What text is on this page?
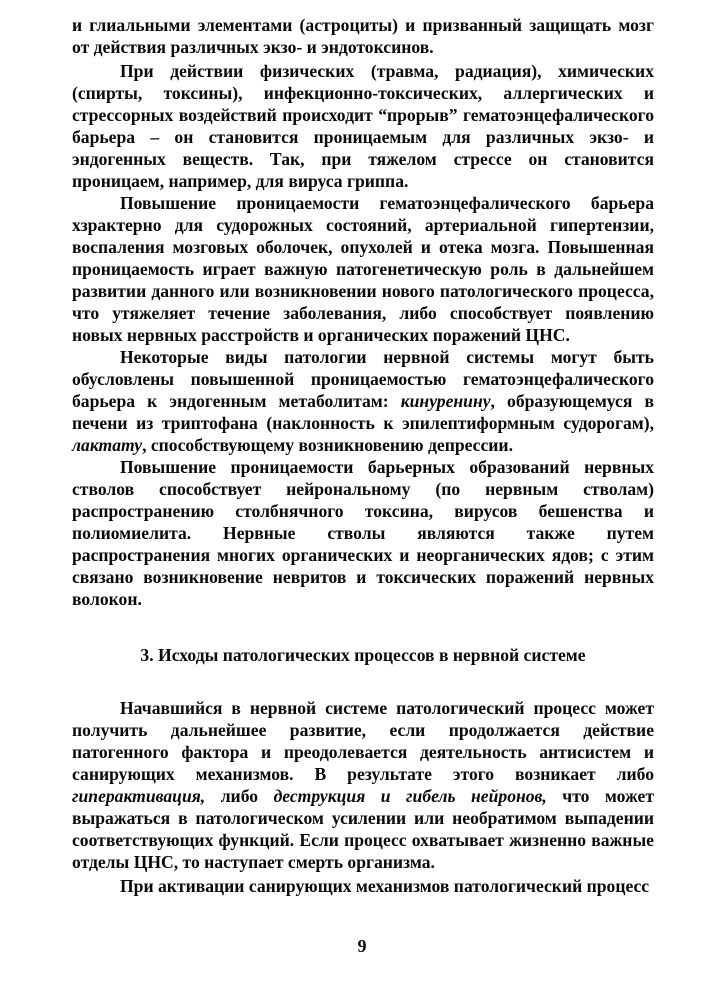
и глиальными элементами (астроциты) и призванный защищать мозг от действия различных экзо- и эндотоксинов.

При действии физических (травма, радиация), химических (спирты, токсины), инфекционно-токсических, аллергических и стрессорных воздействий происходит “прорыв” гематоэнцефалического барьера – он становится проницаемым для различных экзо- и эндогенных веществ. Так, при тяжелом стрессе он становится проницаем, например, для вируса гриппа.

Повышение проницаемости гематоэнцефалического барьера хзрактерно для судорожных состояний, артериальной гипертензии, воспаления мозговых оболочек, опухолей и отека мозга. Повышенная проницаемость играет важную патогенетическую роль в дальнейшем развитии данного или возникновении нового патологического процесса, что утяжеляет течение заболевания, либо способствует появлению новых нервных расстройств и органических поражений ЦНС.

Некоторые виды патологии нервной системы могут быть обусловлены повышенной проницаемостью гематоэнцефалического барьера к эндогенным метаболитам: кинуренину, образующемуся в печени из триптофана (наклонность к эпилептиформным судорогам), лактату, способствующему возникновению депрессии.

Повышение проницаемости барьерных образований нервных стволов способствует нейрональному (по нервным стволам) распространению столбнячного токсина, вирусов бешенства и полиомиелита. Нервные стволы являются также путем распространения многих органических и неорганических ядов; с этим связано возникновение невритов и токсических поражений нервных волокон.

3. Исходы патологических процессов в нервной системе

Начавшийся в нервной системе патологический процесс может получить дальнейшее развитие, если продолжается действие патогенного фактора и преодолевается деятельность антисистем и санирующих механизмов. В результате этого возникает либо гиперактивация, либо деструкция и гибель нейронов, что может выражаться в патологическом усилении или необратимом выпадении соответствующих функций. Если процесс охватывает жизненно важные отделы ЦНС, то наступает смерть организма.

При активации санирующих механизмов патологический процесс

9
